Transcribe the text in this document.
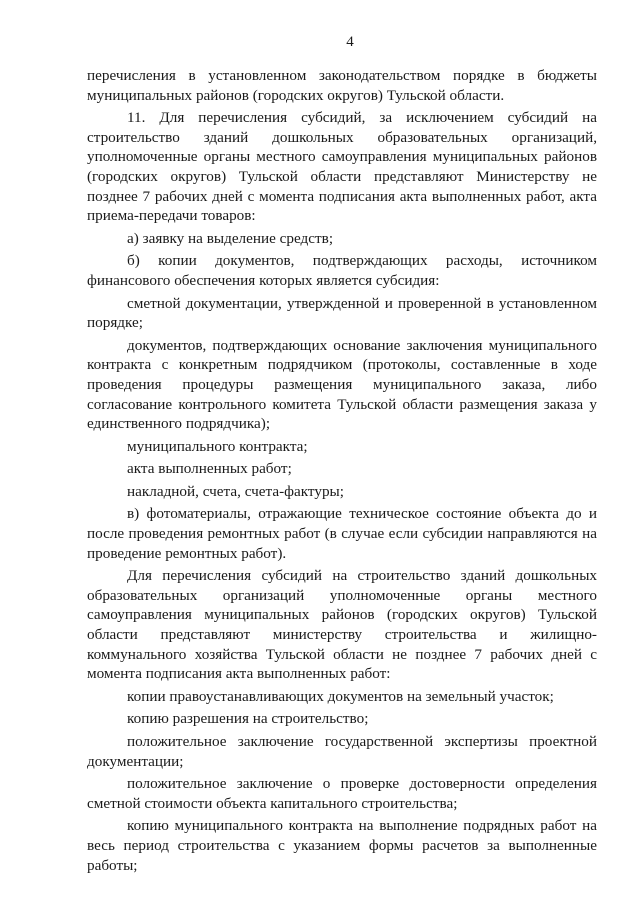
4

перечисления в установленном законодательством порядке в бюджеты муниципальных районов (городских округов) Тульской области.

11. Для перечисления субсидий, за исключением субсидий на строительство зданий дошкольных образовательных организаций, уполномоченные органы местного самоуправления муниципальных районов (городских округов) Тульской области представляют Министерству не позднее 7 рабочих дней с момента подписания акта выполненных работ, акта приема-передачи товаров:

а) заявку на выделение средств;

б) копии документов, подтверждающих расходы, источником финансового обеспечения которых является субсидия:

сметной документации, утвержденной и проверенной в установленном порядке;

документов, подтверждающих основание заключения муниципального контракта с конкретным подрядчиком (протоколы, составленные в ходе проведения процедуры размещения муниципального заказа, либо согласование контрольного комитета Тульской области размещения заказа у единственного подрядчика);

муниципального контракта;

акта выполненных работ;

накладной, счета, счета-фактуры;

в) фотоматериалы, отражающие техническое состояние объекта до и после проведения ремонтных работ (в случае если субсидии направляются на проведение ремонтных работ).

Для перечисления субсидий на строительство зданий дошкольных образовательных организаций уполномоченные органы местного самоуправления муниципальных районов (городских округов) Тульской области представляют министерству строительства и жилищно-коммунального хозяйства Тульской области не позднее 7 рабочих дней с момента подписания акта выполненных работ:

копии правоустанавливающих документов на земельный участок;

копию разрешения на строительство;

положительное заключение государственной экспертизы проектной документации;

положительное заключение о проверке достоверности определения сметной стоимости объекта капитального строительства;

копию муниципального контракта на выполнение подрядных работ на весь период строительства с указанием формы расчетов за выполненные работы;
